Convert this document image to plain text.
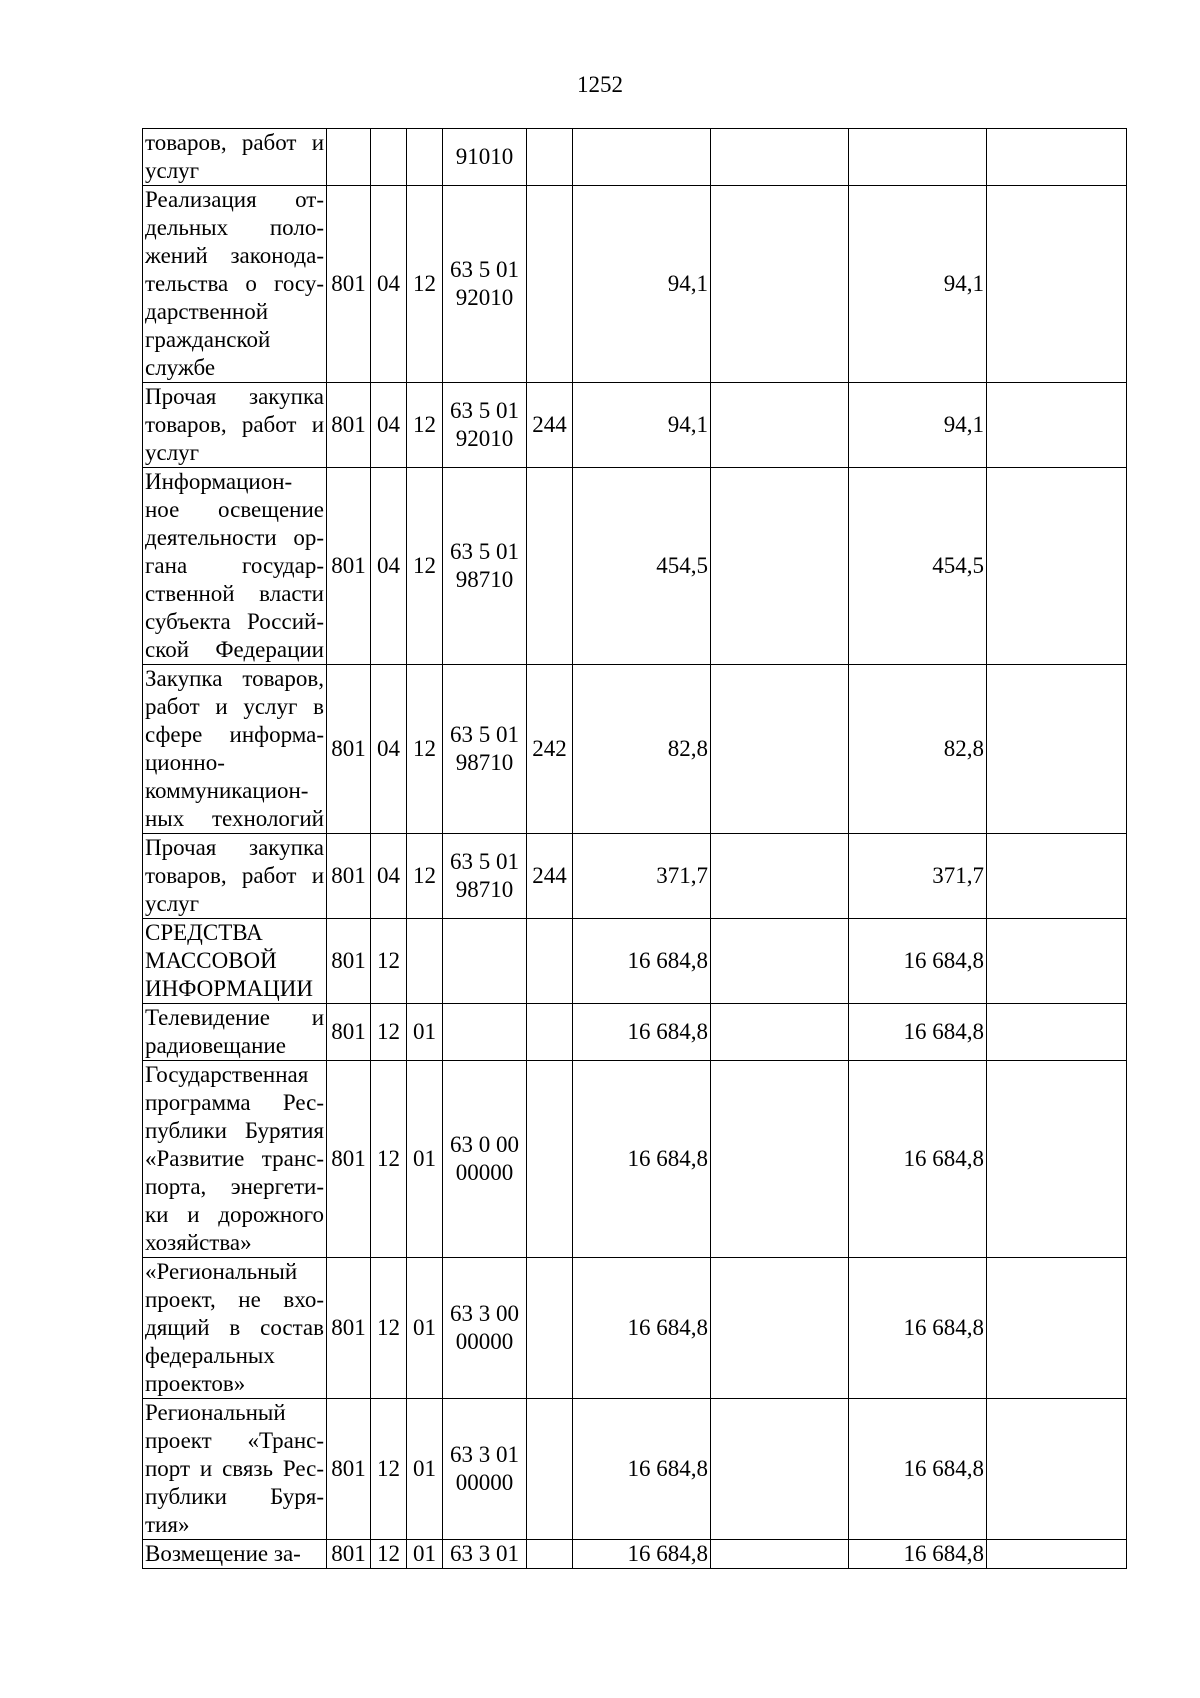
1252
товаров, работ и услуг				91010					
Реализация от-дельных поло-жений законода-тельства о госу-дарственной гражданской службе	801	04	12	63 5 01 92010		94,1		94,1	
Прочая закупка товаров, работ и услуг	801	04	12	63 5 01 92010	244	94,1		94,1	
Информацион-ное освещение деятельности ор-гана государ-ственной власти субъекта Россий-ской Федерации	801	04	12	63 5 01 98710		454,5		454,5	
Закупка товаров, работ и услуг в сфере информа-ционно-коммуникацион-ных технологий	801	04	12	63 5 01 98710	242	82,8		82,8	
Прочая закупка товаров, работ и услуг	801	04	12	63 5 01 98710	244	371,7		371,7	
СРЕДСТВА МАССОВОЙ ИНФОРМАЦИИ	801	12				16 684,8		16 684,8	
Телевидение и радиовещание	801	12	01			16 684,8		16 684,8	
Государственная программа Рес-публики Бурятия «Развитие транс-порта, энергети-ки и дорожного хозяйства»	801	12	01	63 0 00 00000		16 684,8		16 684,8	
«Региональный проект, не вхо-дящий в состав федеральных проектов»	801	12	01	63 3 00 00000		16 684,8		16 684,8	
Региональный проект «Транс-порт и связь Рес-публики Буря-тия»	801	12	01	63 3 01 00000		16 684,8		16 684,8	
Возмещение за-	801	12	01	63 3 01		16 684,8		16 684,8	
